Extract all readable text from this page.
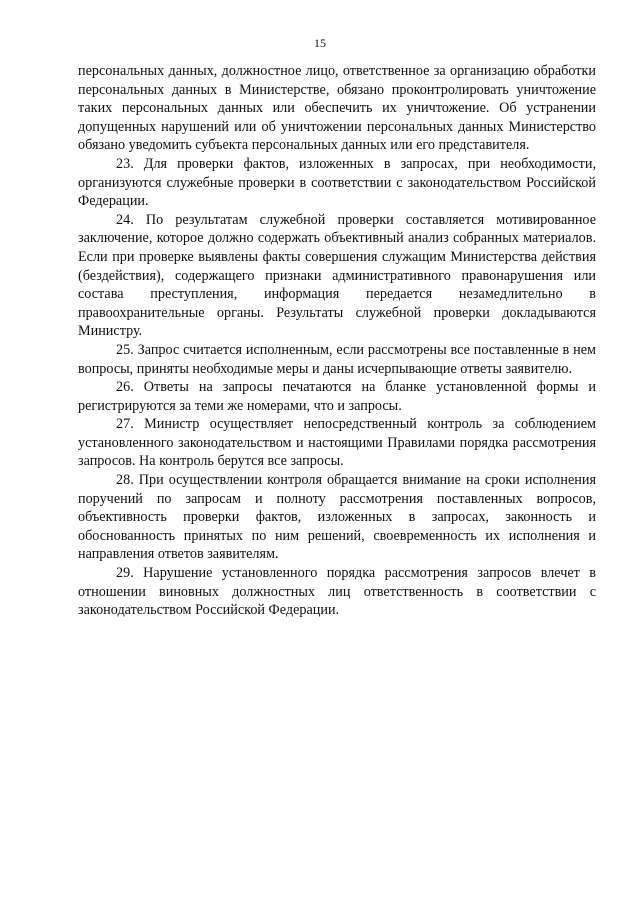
15

персональных данных, должностное лицо, ответственное за организацию обработки персональных данных в Министерстве, обязано проконтролировать уничтожение таких персональных данных или обеспечить их уничтожение. Об устранении допущенных нарушений или об уничтожении персональных данных Министерство обязано уведомить субъекта персональных данных или его представителя.

23. Для проверки фактов, изложенных в запросах, при необходимости, организуются служебные проверки в соответствии с законодательством Российской Федерации.

24. По результатам служебной проверки составляется мотивированное заключение, которое должно содержать объективный анализ собранных материалов. Если при проверке выявлены факты совершения служащим Министерства действия (бездействия), содержащего признаки административного правонарушения или состава преступления, информация передается незамедлительно в правоохранительные органы. Результаты служебной проверки докладываются Министру.

25. Запрос считается исполненным, если рассмотрены все поставленные в нем вопросы, приняты необходимые меры и даны исчерпывающие ответы заявителю.

26. Ответы на запросы печатаются на бланке установленной формы и регистрируются за теми же номерами, что и запросы.

27. Министр осуществляет непосредственный контроль за соблюдением установленного законодательством и настоящими Правилами порядка рассмотрения запросов. На контроль берутся все запросы.

28. При осуществлении контроля обращается внимание на сроки исполнения поручений по запросам и полноту рассмотрения поставленных вопросов, объективность проверки фактов, изложенных в запросах, законность и обоснованность принятых по ним решений, своевременность их исполнения и направления ответов заявителям.

29. Нарушение установленного порядка рассмотрения запросов влечет в отношении виновных должностных лиц ответственность в соответствии с законодательством Российской Федерации.
